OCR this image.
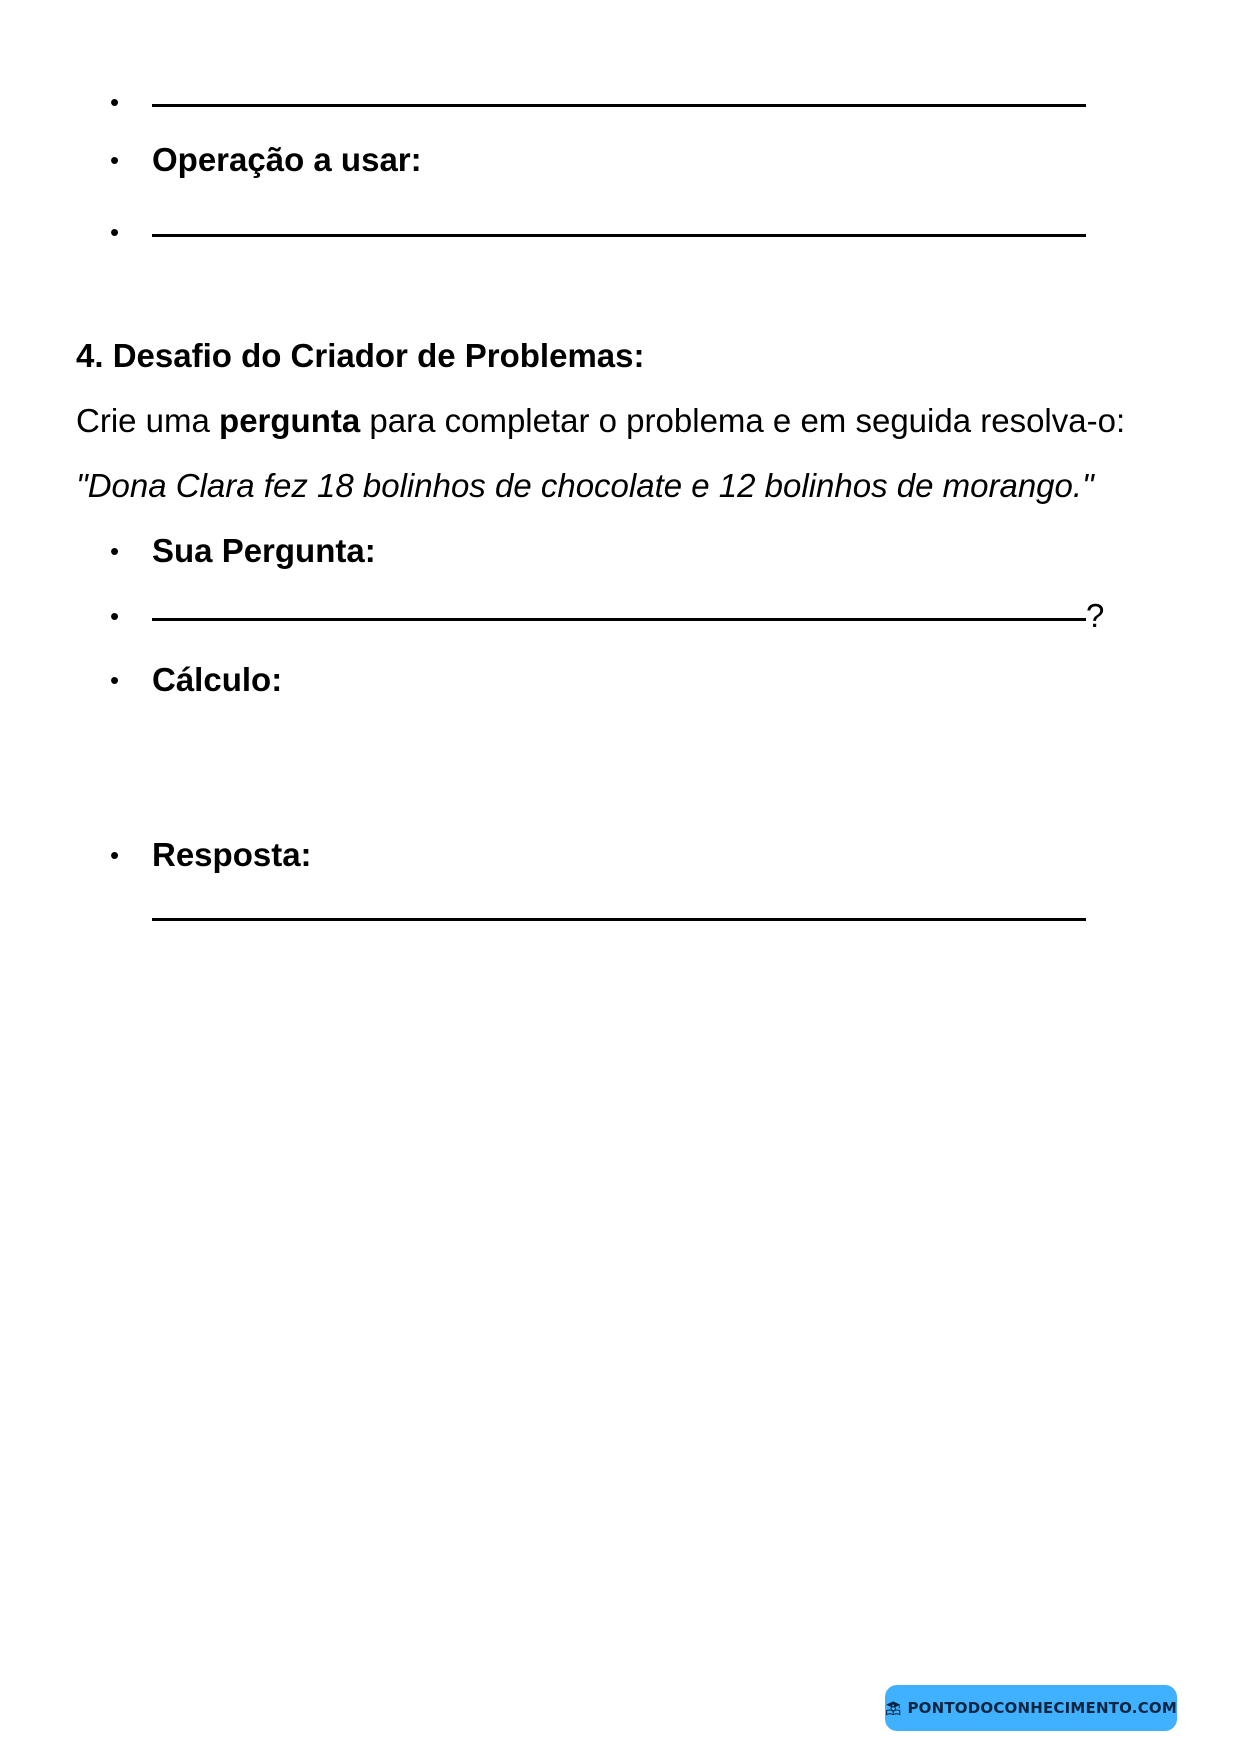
•
• Operação a usar:
•
4. Desafio do Criador de Problemas:
Crie uma pergunta para completar o problema e em seguida resolva-o:
"Dona Clara fez 18 bolinhos de chocolate e 12 bolinhos de morango."
• Sua Pergunta:
•	?
• Cálculo:
• Resposta:
PONTODOCONHECIMENTO.COM
